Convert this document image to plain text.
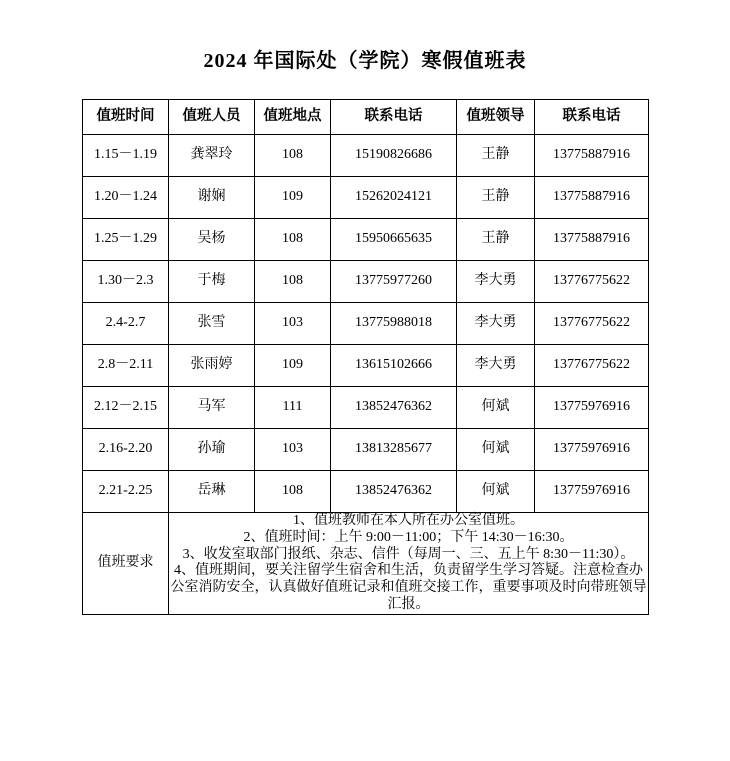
2024 年国际处（学院）寒假值班表
值班时间	值班人员	值班地点	联系电话	值班领导	联系电话
1.15－1.19	龚翠玲	108	15190826686	王静	13775887916
1.20－1.24	谢娴	109	15262024121	王静	13775887916
1.25－1.29	吴杨	108	15950665635	王静	13775887916
1.30－2.3	于梅	108	13775977260	李大勇	13776775622
2.4-2.7	张雪	103	13775988018	李大勇	13776775622
2.8－2.11	张雨婷	109	13615102666	李大勇	13776775622
2.12－2.15	马军	111	13852476362	何斌	13775976916
2.16-2.20	孙瑜	103	13813285677	何斌	13775976916
2.21-2.25	岳琳	108	13852476362	何斌	13775976916
值班要求	1、值班教师在本人所在办公室值班。

2、值班时间：上午 9:00－11:00；下午 14:30－16:30。

3、收发室取部门报纸、杂志、信件（每周一、三、五上午 8:30－11:30）。

4、值班期间，要关注留学生宿舍和生活，负责留学生学习答疑。注意检查办公室消防安全，认真做好值班记录和值班交接工作，重要事项及时向带班领导汇报。				
